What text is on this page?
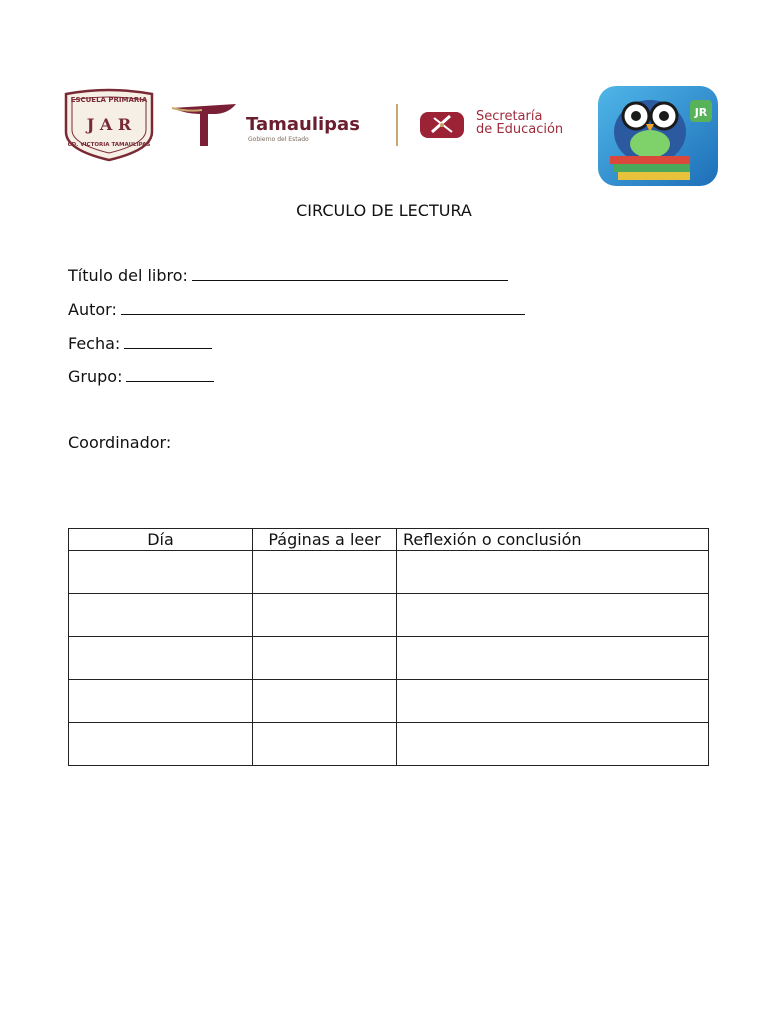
ESCUELA PRIMARIA
J A R
CD. VICTORIA TAMAULIPAS
Tamaulipas
Gobierno del Estado
Secretaría
de Educación
JR
CIRCULO DE LECTURA
Título del libro:
Autor:
Fecha:
Grupo:
Coordinador:
Día	Páginas a leer	Reflexión o conclusión
